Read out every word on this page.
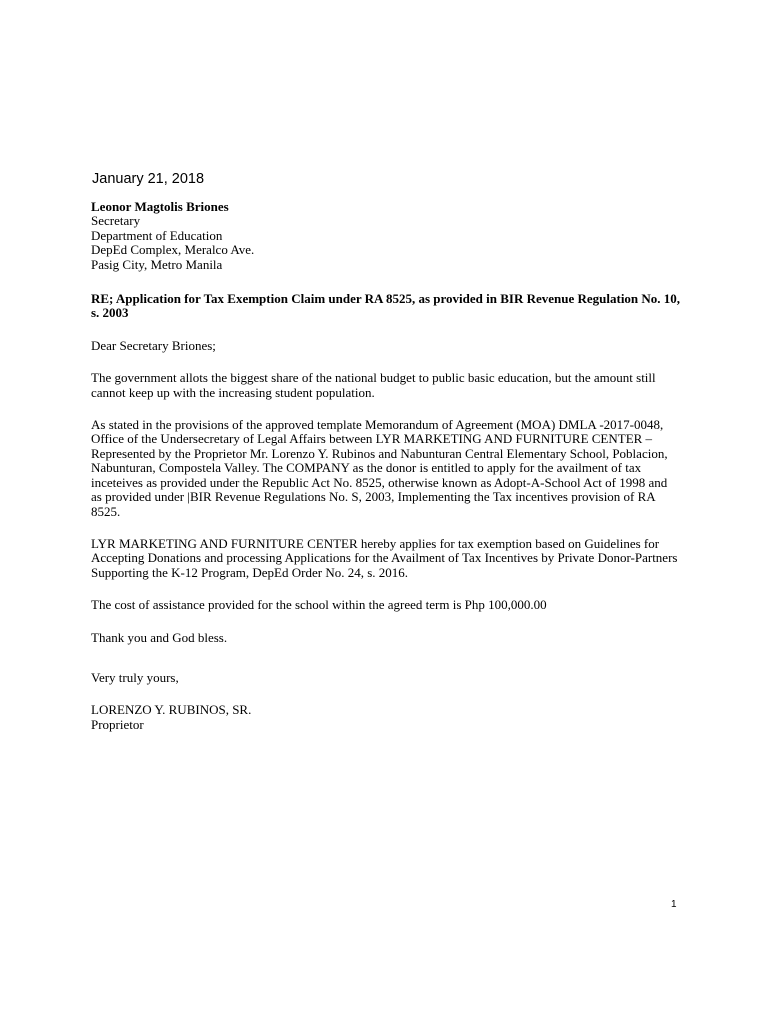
January 21, 2018

Leonor Magtolis Briones
Secretary
Department of Education
DepEd Complex, Meralco Ave.
Pasig City, Metro Manila

RE; Application for Tax Exemption Claim under RA 8525, as provided in BIR Revenue Regulation No. 10, s. 2003

Dear Secretary Briones;

The government allots the biggest share of the national budget to public basic education, but the amount still cannot keep up with the increasing student population.

As stated in the provisions of the approved template Memorandum of Agreement (MOA) DMLA -2017-0048, Office of the Undersecretary of Legal Affairs between LYR MARKETING AND FURNITURE CENTER – Represented by the Proprietor Mr. Lorenzo Y. Rubinos and Nabunturan Central Elementary School, Poblacion, Nabunturan, Compostela Valley. The COMPANY as the donor is entitled to apply for the availment of tax inceteives as provided under the Republic Act No. 8525, otherwise known as Adopt-A-School Act of 1998 and as provided under |BIR Revenue Regulations No. S, 2003, Implementing the Tax incentives provision of RA 8525.

LYR MARKETING AND FURNITURE CENTER hereby applies for tax exemption based on Guidelines for Accepting Donations and processing Applications for the Availment of Tax Incentives by Private Donor-Partners Supporting the K-12 Program, DepEd Order No. 24, s. 2016.

The cost of assistance provided for the school within the agreed term is Php 100,000.00

Thank you and God bless.

Very truly yours,

LORENZO Y. RUBINOS, SR.
Proprietor
1
